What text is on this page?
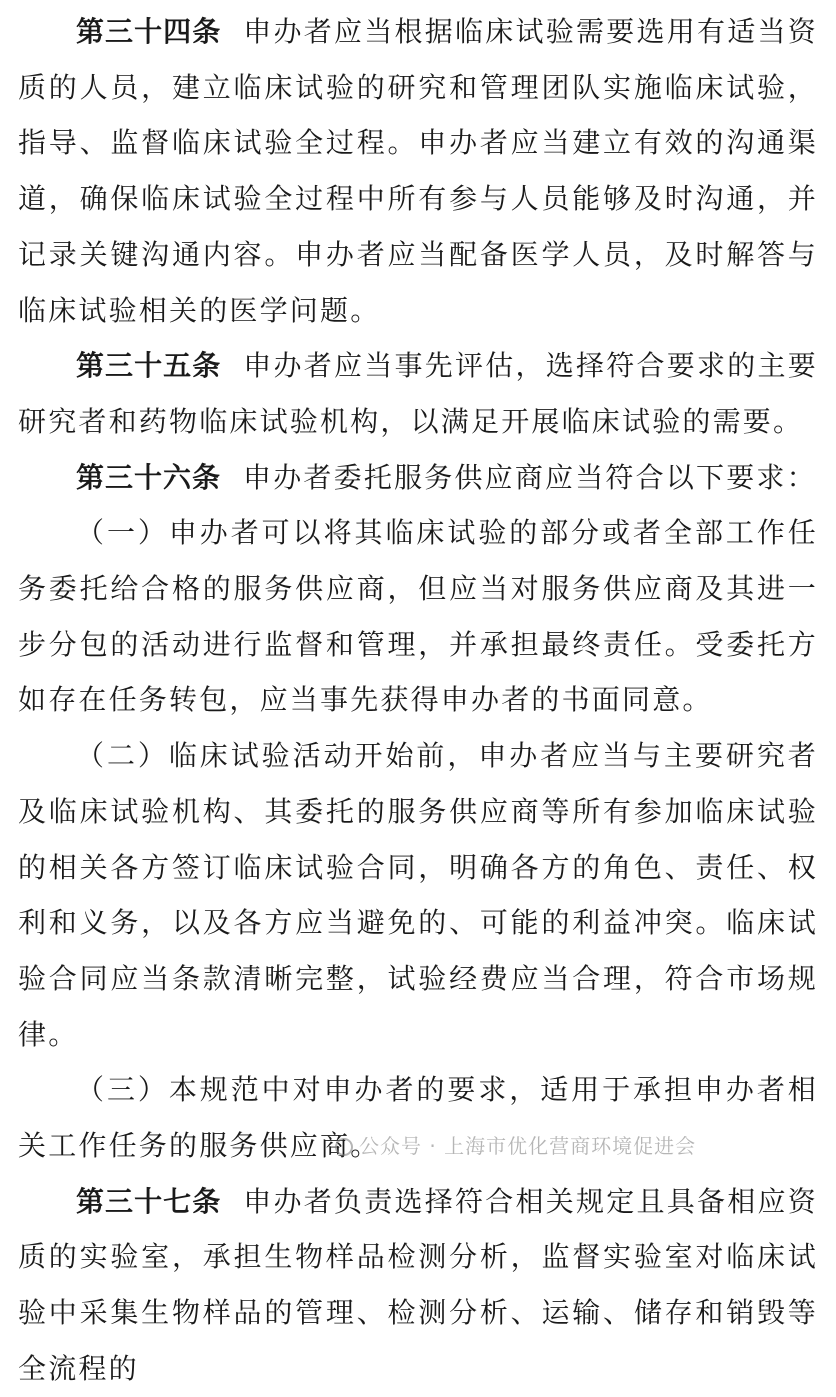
第三十四条 申办者应当根据临床试验需要选用有适当资质的人员，建立临床试验的研究和管理团队实施临床试验，指导、监督临床试验全过程。申办者应当建立有效的沟通渠道，确保临床试验全过程中所有参与人员能够及时沟通，并记录关键沟通内容。申办者应当配备医学人员，及时解答与临床试验相关的医学问题。

第三十五条 申办者应当事先评估，选择符合要求的主要研究者和药物临床试验机构，以满足开展临床试验的需要。

第三十六条 申办者委托服务供应商应当符合以下要求：

（一）申办者可以将其临床试验的部分或者全部工作任务委托给合格的服务供应商，但应当对服务供应商及其进一步分包的活动进行监督和管理，并承担最终责任。受委托方如存在任务转包，应当事先获得申办者的书面同意。

（二）临床试验活动开始前，申办者应当与主要研究者及临床试验机构、其委托的服务供应商等所有参加临床试验的相关各方签订临床试验合同，明确各方的角色、责任、权利和义务，以及各方应当避免的、可能的利益冲突。临床试验合同应当条款清晰完整，试验经费应当合理，符合市场规律。

（三）本规范中对申办者的要求，适用于承担申办者相关工作任务的服务供应商。

第三十七条 申办者负责选择符合相关规定且具备相应资质的实验室，承担生物样品检测分析，监督实验室对临床试验中采集生物样品的管理、检测分析、运输、储存和销毁等全流程的

公众号 · 上海市优化营商环境促进会
